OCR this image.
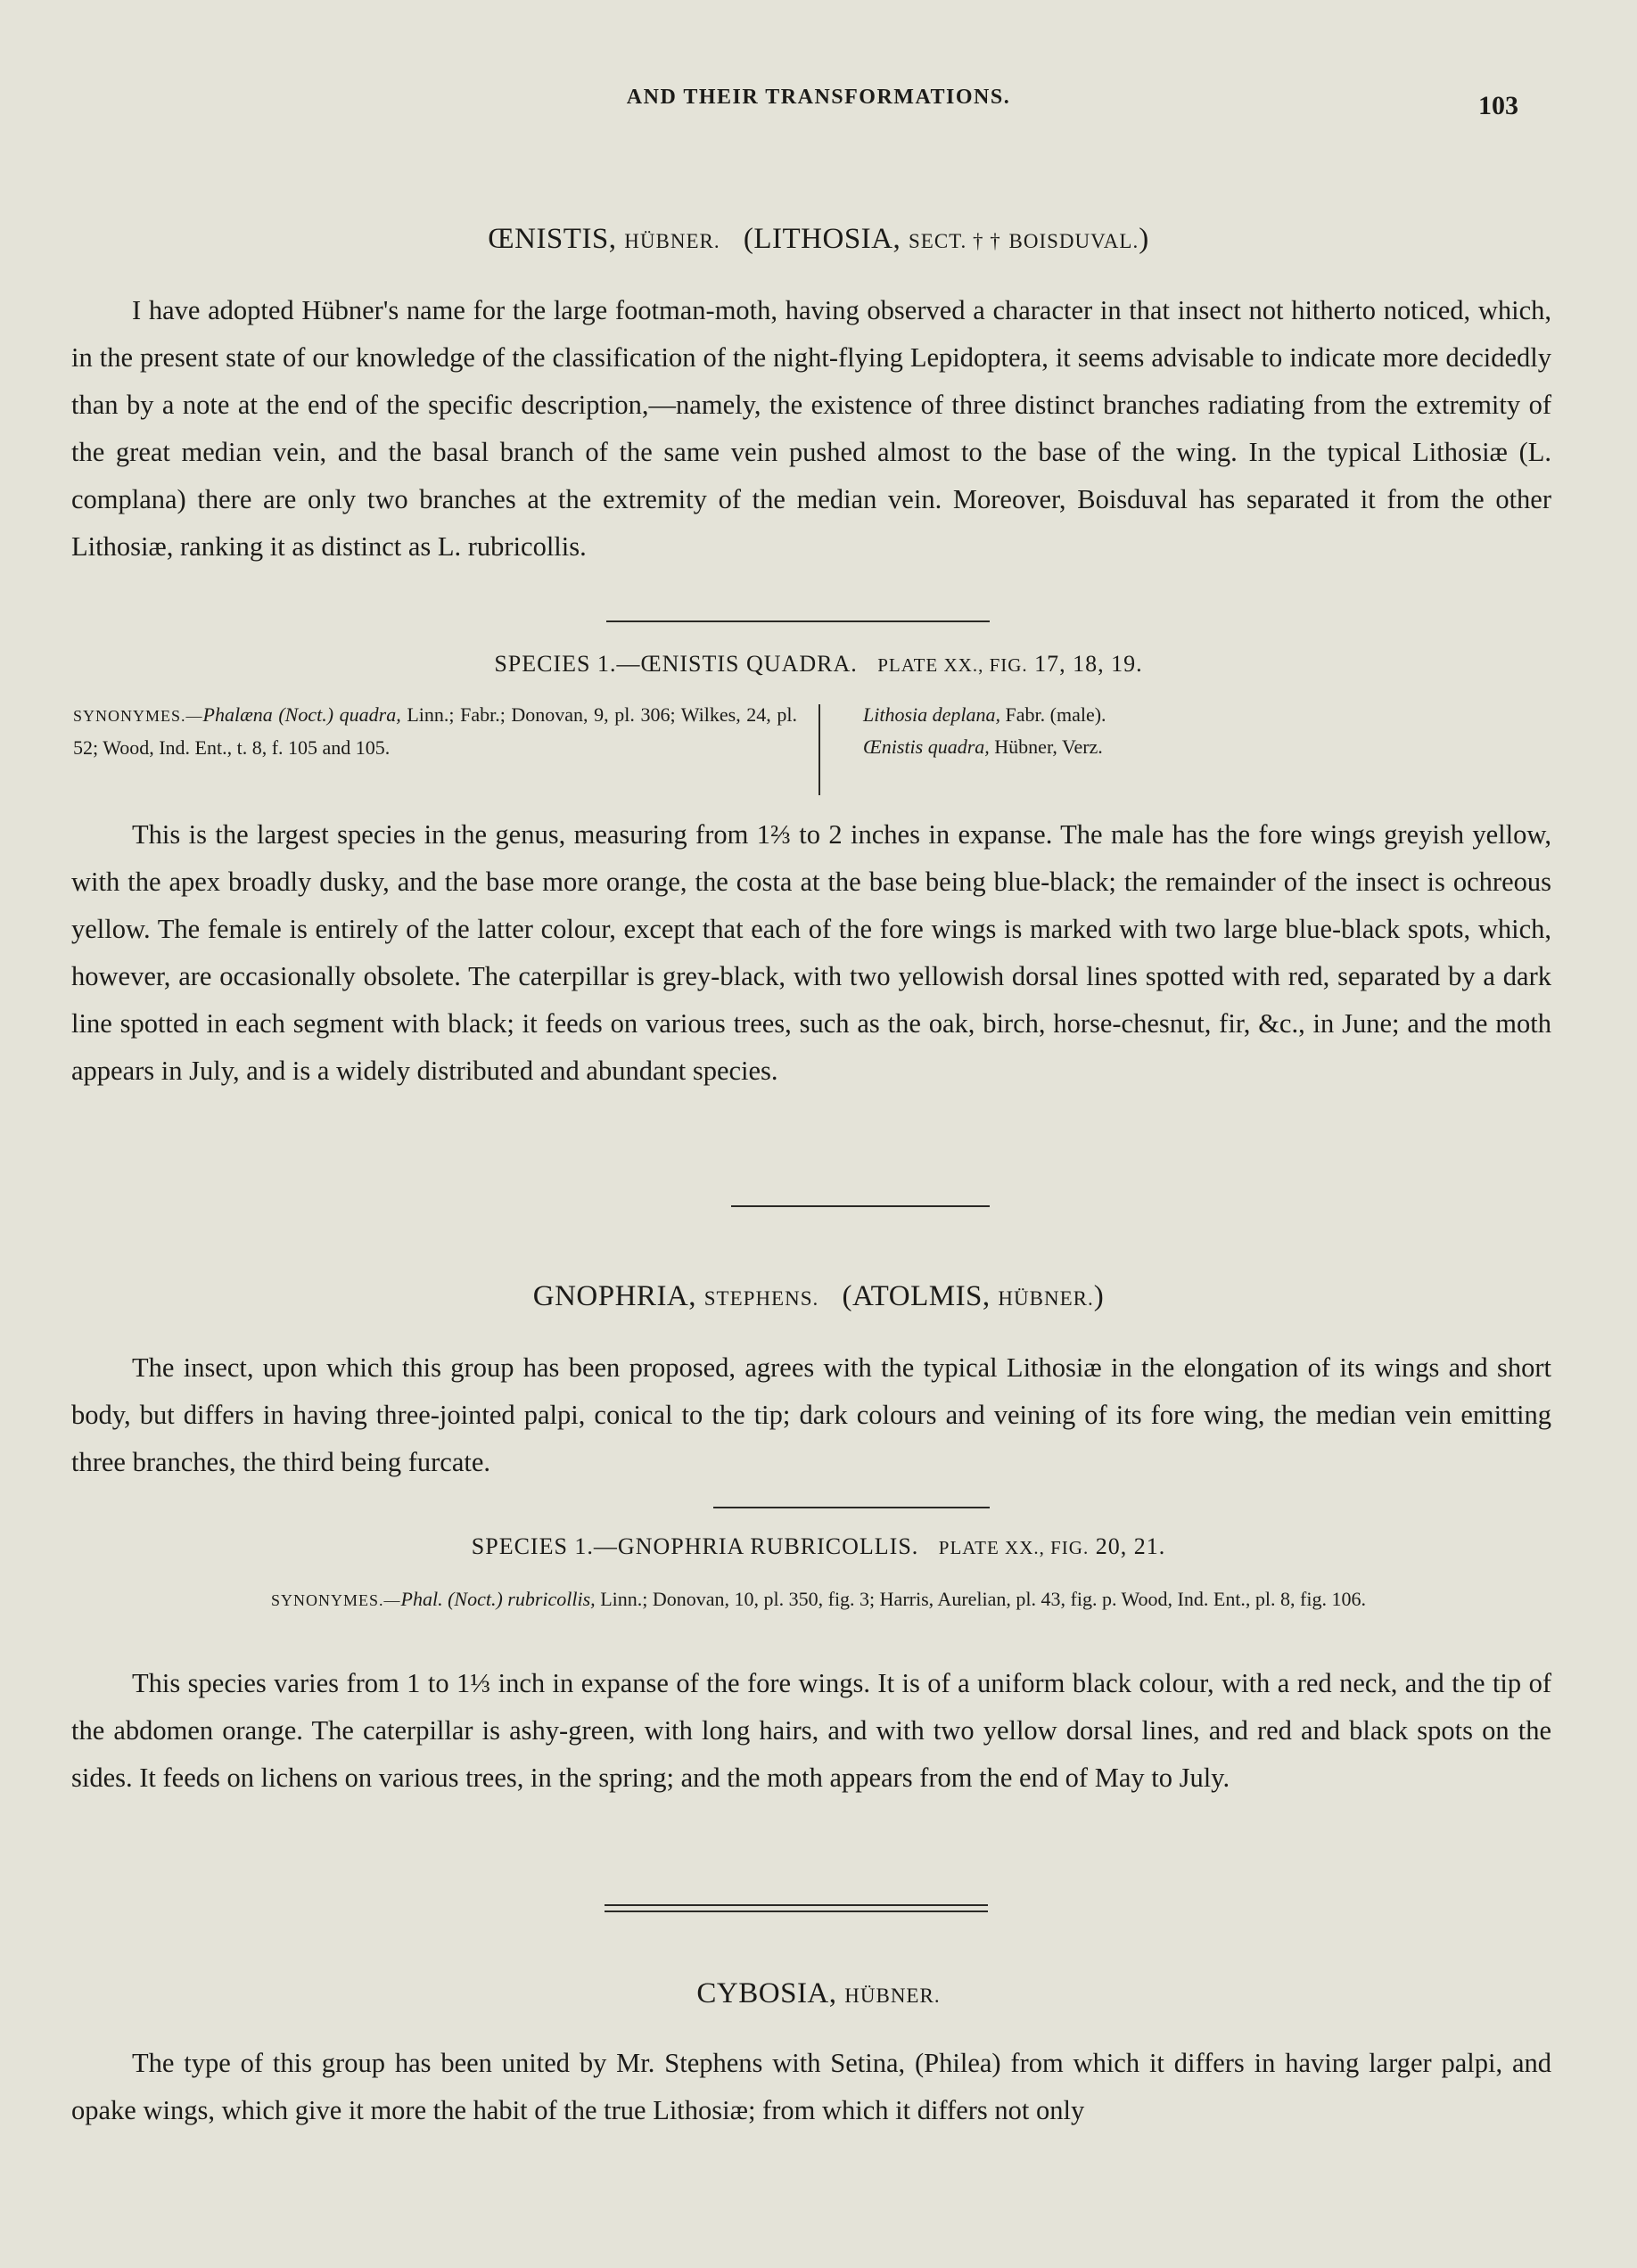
AND THEIR TRANSFORMATIONS.	103
ŒNISTIS, HÜBNER. (LITHOSIA, SECT. † † BOISDUVAL.)

I have adopted Hübner's name for the large footman-moth, having observed a character in that insect not hitherto noticed, which, in the present state of our knowledge of the classification of the night-flying Lepidoptera, it seems advisable to indicate more decidedly than by a note at the end of the specific description,—namely, the existence of three distinct branches radiating from the extremity of the great median vein, and the basal branch of the same vein pushed almost to the base of the wing. In the typical Lithosiæ (L. complana) there are only two branches at the extremity of the median vein. Moreover, Boisduval has separated it from the other Lithosiæ, ranking it as distinct as L. rubricollis.

SPECIES 1.—ŒNISTIS QUADRA. PLATE XX., FIG. 17, 18, 19.
SYNONYMES.—Phalæna (Noct.) quadra, Linn.; Fabr.; Donovan, 9, pl. 306; Wilkes, 24, pl. 52; Wood, Ind. Ent., t. 8, f. 105 and 105.
Lithosia deplana, Fabr. (male).
Œnistis quadra, Hübner, Verz.

This is the largest species in the genus, measuring from 1⅔ to 2 inches in expanse. The male has the fore wings greyish yellow, with the apex broadly dusky, and the base more orange, the costa at the base being blue-black; the remainder of the insect is ochreous yellow. The female is entirely of the latter colour, except that each of the fore wings is marked with two large blue-black spots, which, however, are occasionally obsolete. The caterpillar is grey-black, with two yellowish dorsal lines spotted with red, separated by a dark line spotted in each segment with black; it feeds on various trees, such as the oak, birch, horse-chesnut, fir, &c., in June; and the moth appears in July, and is a widely distributed and abundant species.

GNOPHRIA, STEPHENS. (ATOLMIS, HÜBNER.)

The insect, upon which this group has been proposed, agrees with the typical Lithosiæ in the elongation of its wings and short body, but differs in having three-jointed palpi, conical to the tip; dark colours and veining of its fore wing, the median vein emitting three branches, the third being furcate.

SPECIES 1.—GNOPHRIA RUBRICOLLIS. PLATE XX., FIG. 20, 21.
SYNONYMES.—Phal. (Noct.) rubricollis, Linn.; Donovan, 10, pl. 350, fig. 3; Harris, Aurelian, pl. 43, fig. p. Wood, Ind. Ent., pl. 8, fig. 106.

This species varies from 1 to 1⅓ inch in expanse of the fore wings. It is of a uniform black colour, with a red neck, and the tip of the abdomen orange. The caterpillar is ashy-green, with long hairs, and with two yellow dorsal lines, and red and black spots on the sides. It feeds on lichens on various trees, in the spring; and the moth appears from the end of May to July.

CYBOSIA, HÜBNER.

The type of this group has been united by Mr. Stephens with Setina, (Philea) from which it differs in having larger palpi, and opake wings, which give it more the habit of the true Lithosiæ; from which it differs not only
